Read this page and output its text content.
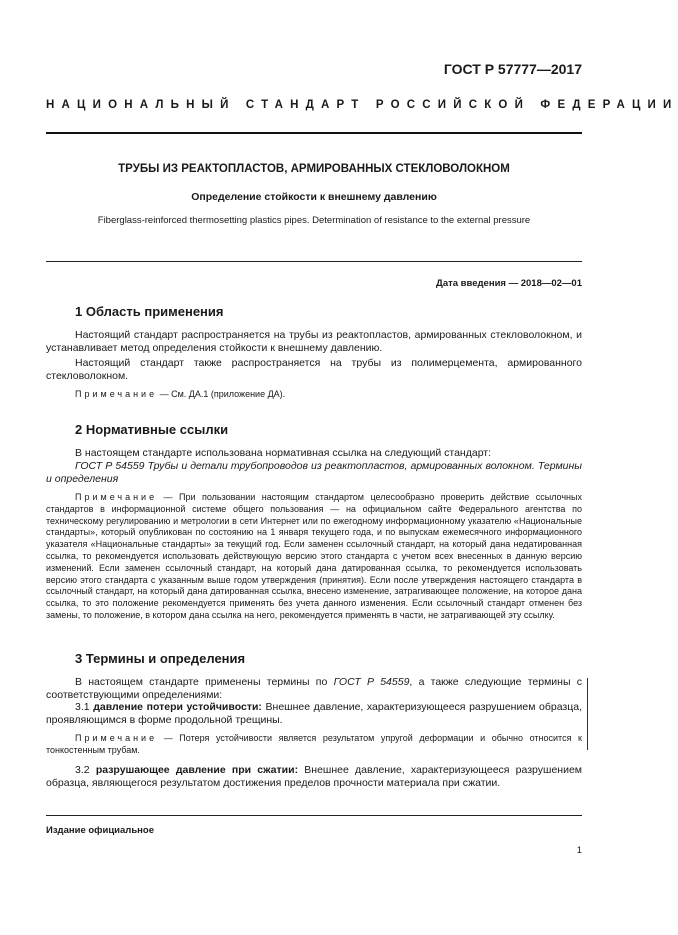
ГОСТ Р 57777—2017
НАЦИОНАЛЬНЫЙ СТАНДАРТ РОССИЙСКОЙ ФЕДЕРАЦИИ
ТРУБЫ ИЗ РЕАКТОПЛАСТОВ, АРМИРОВАННЫХ СТЕКЛОВОЛОКНОМ
Определение стойкости к внешнему давлению
Fiberglass-reinforced thermosetting plastics pipes. Determination of resistance to the external pressure
Дата введения — 2018—02—01
1 Область применения
Настоящий стандарт распространяется на трубы из реактопластов, армированных стекловолокном, и устанавливает метод определения стойкости к внешнему давлению.
Настоящий стандарт также распространяется на трубы из полимерцемента, армированного стекловолокном.
Примечание — См. ДА.1 (приложение ДА).
2 Нормативные ссылки
В настоящем стандарте использована нормативная ссылка на следующий стандарт:
ГОСТ Р 54559 Трубы и детали трубопроводов из реактопластов, армированных волокном. Термины и определения
Примечание — При пользовании настоящим стандартом целесообразно проверить действие ссылочных стандартов в информационной системе общего пользования — на официальном сайте Федерального агентства по техническому регулированию и метрологии в сети Интернет или по ежегодному информационному указателю «Национальные стандарты», который опубликован по состоянию на 1 января текущего года, и по выпускам ежемесячного информационного указателя «Национальные стандарты» за текущий год. Если заменен ссылочный стандарт, на который дана недатированная ссылка, то рекомендуется использовать действующую версию этого стандарта с учетом всех внесенных в данную версию изменений. Если заменен ссылочный стандарт, на который дана датированная ссылка, то рекомендуется использовать версию этого стандарта с указанным выше годом утверждения (принятия). Если после утверждения настоящего стандарта в ссылочный стандарт, на который дана датированная ссылка, внесено изменение, затрагивающее положение, на которое дана ссылка, то это положение рекомендуется применять без учета данного изменения. Если ссылочный стандарт отменен без замены, то положение, в котором дана ссылка на него, рекомендуется применять в части, не затрагивающей эту ссылку.
3 Термины и определения
В настоящем стандарте применены термины по ГОСТ Р 54559, а также следующие термины с соответствующими определениями:
3.1 давление потери устойчивости: Внешнее давление, характеризующееся разрушением образца, проявляющимся в форме продольной трещины.
Примечание — Потеря устойчивости является результатом упругой деформации и обычно относится к тонкостенным трубам.
3.2 разрушающее давление при сжатии: Внешнее давление, характеризующееся разрушением образца, являющегося результатом достижения пределов прочности материала при сжатии.
Издание официальное
1
